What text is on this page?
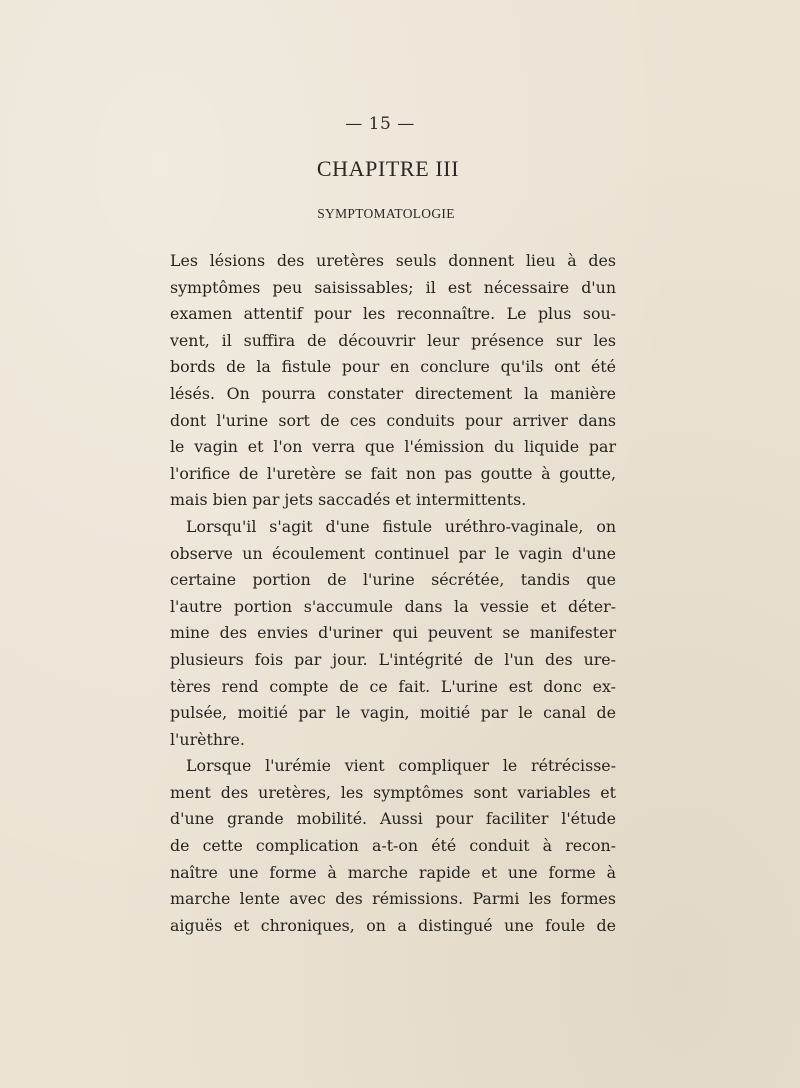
— 15 —
CHAPITRE III
SYMPTOMATOLOGIE
Les lésions des uretères seuls donnent lieu à des
symptômes peu saisissables; il est nécessaire d'un
examen attentif pour les reconnaître. Le plus sou-
vent, il suffira de découvrir leur présence sur les
bords de la fistule pour en conclure qu'ils ont été
lésés. On pourra constater directement la manière
dont l'urine sort de ces conduits pour arriver dans
le vagin et l'on verra que l'émission du liquide par
l'orifice de l'uretère se fait non pas goutte à goutte,
mais bien par jets saccadés et intermittents.
Lorsqu'il s'agit d'une fistule uréthro-vaginale, on
observe un écoulement continuel par le vagin d'une
certaine portion de l'urine sécrétée, tandis que
l'autre portion s'accumule dans la vessie et déter-
mine des envies d'uriner qui peuvent se manifester
plusieurs fois par jour. L'intégrité de l'un des ure-
tères rend compte de ce fait. L'urine est donc ex-
pulsée, moitié par le vagin, moitié par le canal de
l'urèthre.
Lorsque l'urémie vient compliquer le rétrécisse-
ment des uretères, les symptômes sont variables et
d'une grande mobilité. Aussi pour faciliter l'étude
de cette complication a-t-on été conduit à recon-
naître une forme à marche rapide et une forme à
marche lente avec des rémissions. Parmi les formes
aiguës et chroniques, on a distingué une foule de
